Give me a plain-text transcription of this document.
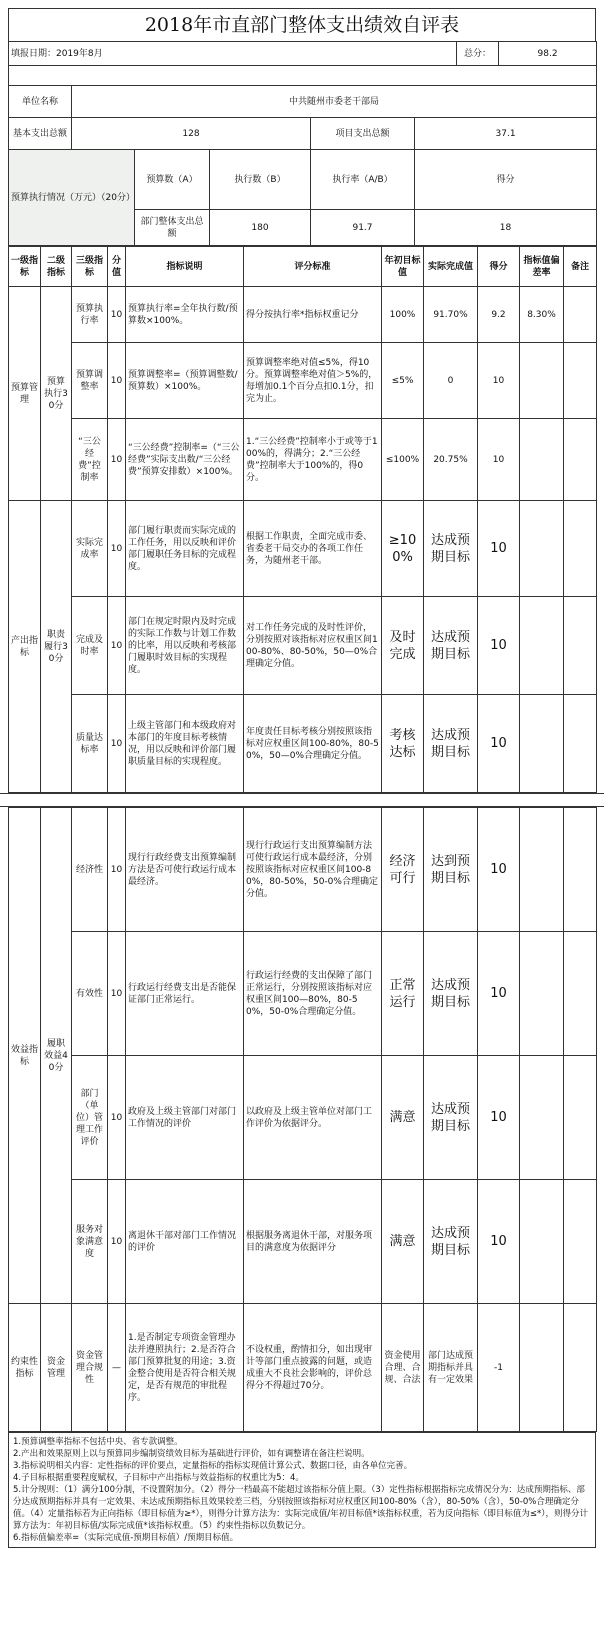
2018年市直部门整体支出绩效自评表
填报日期：2019年8月						总分：	98.2

单位名称	中共随州市委老干部局						
基本支出总额	128			项目支出总额	37.1		
预算执行情况（万元）（20分）		预算数（A）	执行数（B）	执行率（A/B）	得分		
		部门整体支出总额	180	91.7	18		
一级指标	二级指标	三级指标	分值	指标说明	评分标准	年初目标值	实际完成值	得分	指标值偏差率	备注
预算管理	预算执行30分	预算执行率	10	预算执行率=全年执行数/预算数×100%。	得分按执行率*指标权重记分	100%	91.70%	9.2	8.30%	
		预算调整率	10	预算调整率=（预算调整数/预算数）×100%。	预算调整率绝对值≤5%，得10分。预算调整率绝对值＞5%的，每增加0.1个百分点扣0.1分，扣完为止。	≤5%	0	10		
		“三公经费”控制率	10	“三公经费”控制率=（“三公经费”实际支出数/“三公经费”预算安排数）×100%。	1.“三公经费”控制率小于或等于100%的，得满分；2.“三公经费”控制率大于100%的，得0分。	≤100%	20.75%	10		
产出指标	职责履行30分	实际完成率	10	部门履行职责而实际完成的工作任务，用以反映和评价部门履职任务目标的完成程度。	根据工作职责，全面完成市委、省委老干局交办的各项工作任务，为随州老干部。	≥100%	达成预期目标	10		
		完成及时率	10	部门在规定时限内及时完成的实际工作数与计划工作数的比率，用以反映和考核部门履职时效目标的实现程度。	对工作任务完成的及时性评价，分别按照对该指标对应权重区间100-80%、80-50%，50—0%合理确定分值。	及时完成	达成预期目标	10		
		质量达标率	10	上级主管部门和本级政府对本部门的年度目标考核情况，用以反映和评价部门履职质量目标的实现程度。	年度责任目标考核分别按照该指标对应权重区间100-80%，80-50%，50—0%合理确定分值。	考核达标	达成预期目标	10		
效益指标	履职效益40分	经济性	10	现行行政经费支出预算编制方法是否可使行政运行成本最经济。	现行行政运行支出预算编制方法可使行政运行成本最经济，分别按照该指标对应权重区间100-80%，80-50%，50-0%合理确定分值。	经济可行	达到预期目标	10		
		有效性	10	行政运行经费支出是否能保证部门正常运行。	行政运行经费的支出保障了部门正常运行，分别按照该指标对应权重区间100—80%，80-50%，50-0%合理确定分值。	正常运行	达成预期目标	10		
		部门（单位）管理工作评价	10	政府及上级主管部门对部门工作情况的评价	以政府及上级主管单位对部门工作评价为依据评分。	满意	达成预期目标	10		
		服务对象满意度	10	离退休干部对部门工作情况的评价	根据服务离退休干部，对服务项目的满意度为依据评分	满意	达成预期目标	10		
约束性指标	资金管理	资金管理合规性	—	1.是否制定专项资金管理办法并遵照执行；2.是否符合部门预算批复的用途；3.资金整合使用是否符合相关规定，是否有规范的审批程序。	不设权重，酌情扣分，如出现审计等部门重点披露的问题，或造成重大不良社会影响的，评价总得分不得超过70分。	资金使用合理、合规、合法	部门达成预期指标并具有一定效果	-1		
1.预算调整率指标不包括中央、省专款调整。
2.产出和效果原则上以与预算同步编制资绩效目标为基础进行评价，如有调整请在备注栏说明。
3.指标说明相关内容：定性指标的评价要点，定量指标的指标实现值计算公式、数据口径，由各单位完善。
4.子目标根据重要程度赋权，子目标中产出指标与效益指标的权重比为5：4。
5.计分规则：（1）满分100分制，不设置附加分。（2）得分一档最高不能超过该指标分值上限。（3）定性指标根据指标完成情况分为：达成预期指标、部分达成预期指标并具有一定效果、未达成预期指标且效果较差三档，分别按照该指标对应权重区间100-80%（含），80-50%（含），50-0%合理确定分值。（4）定量指标若为正向指标（即目标值为≥*），则得分计算方法为：实际完成值/年初目标值*该指标权重，若为反向指标（即目标值为≤*），则得分计算方法为：年初目标值/实际完成值*该指标权重。（5）约束性指标以负数记分。
6.指标值偏差率=（实际完成值-预期目标值）/预期目标值。
